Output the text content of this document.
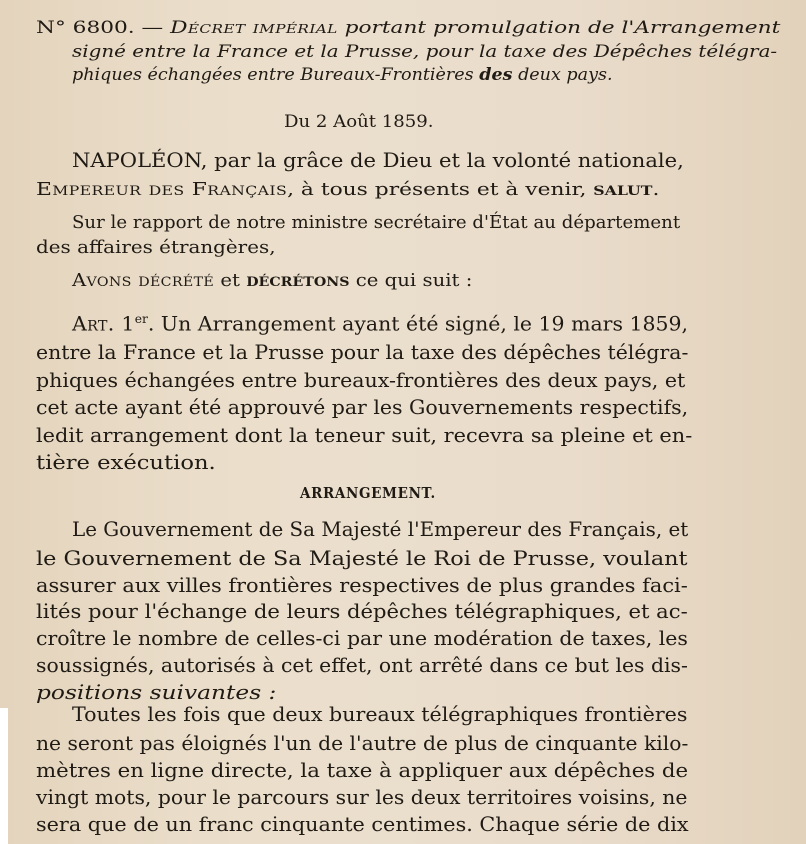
N° 6800. — Décret impérial portant promulgation de l'Arrangement
signé entre la France et la Prusse, pour la taxe des Dépêches télégra-
phiques échangées entre Bureaux-Frontières des deux pays.
Du 2 Août 1859.
NAPOLÉON, par la grâce de Dieu et la volonté nationale,
Empereur des Français, à tous présents et à venir, salut.
Sur le rapport de notre ministre secrétaire d'État au département
des affaires étrangères,
Avons décrété et décrétons ce qui suit :
Art. 1er. Un Arrangement ayant été signé, le 19 mars 1859,
entre la France et la Prusse pour la taxe des dépêches télégra-
phiques échangées entre bureaux-frontières des deux pays, et
cet acte ayant été approuvé par les Gouvernements respectifs,
ledit arrangement dont la teneur suit, recevra sa pleine et en-
tière exécution.
ARRANGEMENT.
Le Gouvernement de Sa Majesté l'Empereur des Français, et
le Gouvernement de Sa Majesté le Roi de Prusse, voulant
assurer aux villes frontières respectives de plus grandes faci-
lités pour l'échange de leurs dépêches télégraphiques, et ac-
croître le nombre de celles-ci par une modération de taxes, les
soussignés, autorisés à cet effet, ont arrêté dans ce but les dis-
positions suivantes :
Toutes les fois que deux bureaux télégraphiques frontières
ne seront pas éloignés l'un de l'autre de plus de cinquante kilo-
mètres en ligne directe, la taxe à appliquer aux dépêches de
vingt mots, pour le parcours sur les deux territoires voisins, ne
sera que de un franc cinquante centimes. Chaque série de dix
